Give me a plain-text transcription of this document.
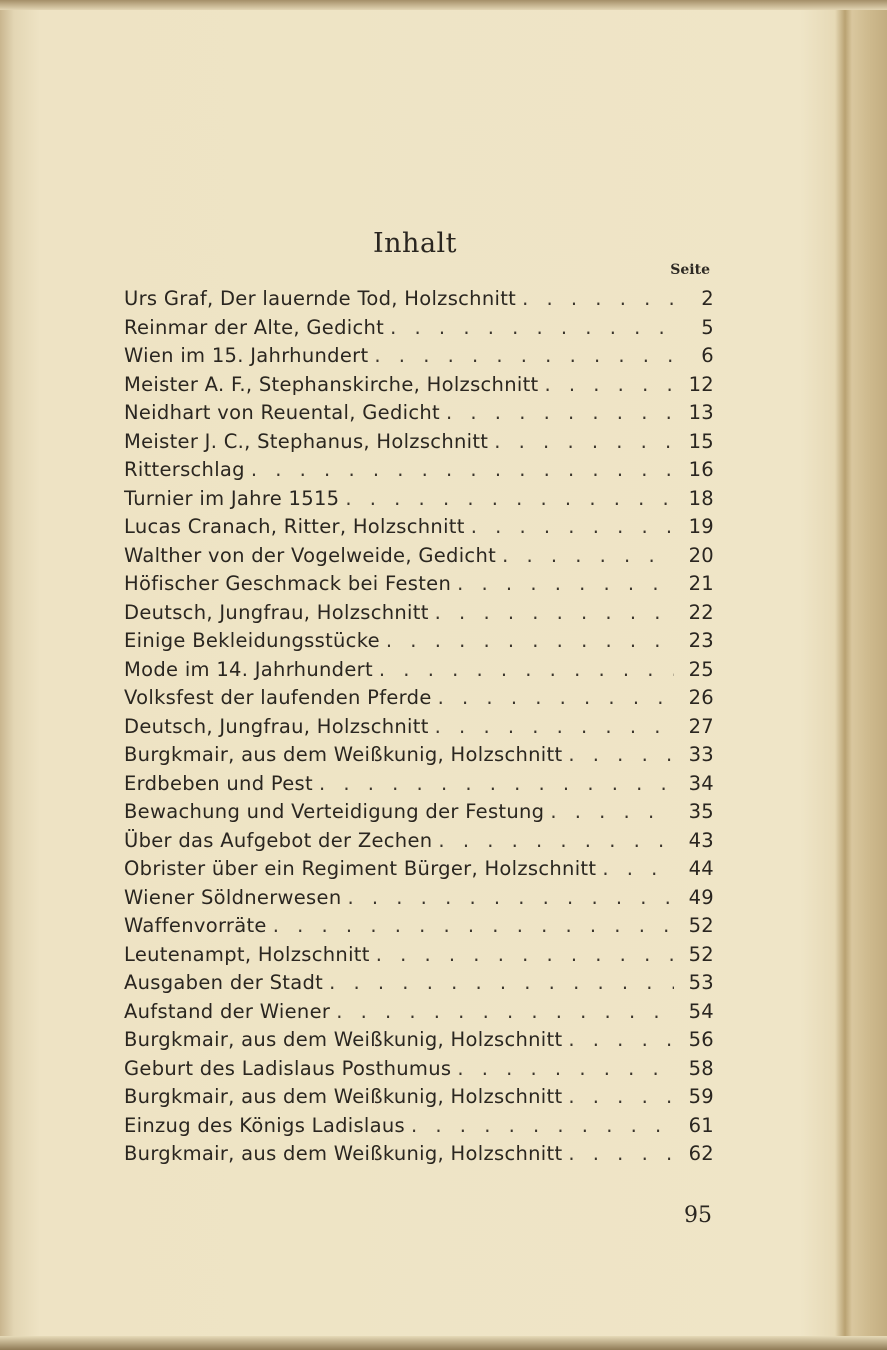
Inhalt
Seite
Urs Graf, Der lauernde Tod, Holzschnitt . . .	2
Reinmar der Alte, Gedicht . . .	5
Wien im 15. Jahrhundert . . .	6
Meister A. F., Stephanskirche, Holzschnitt . . .	12
Neidhart von Reuental, Gedicht . . .	13
Meister J. C., Stephanus, Holzschnitt . . .	15
Ritterschlag . . .	16
Turnier im Jahre 1515 . . .	18
Lucas Cranach, Ritter, Holzschnitt . . .	19
Walther von der Vogelweide, Gedicht . . .	20
Höfischer Geschmack bei Festen . . .	21
Deutsch, Jungfrau, Holzschnitt . . .	22
Einige Bekleidungsstücke . . .	23
Mode im 14. Jahrhundert . . .	25
Volksfest der laufenden Pferde . . .	26
Deutsch, Jungfrau, Holzschnitt . . .	27
Burgkmair, aus dem Weißkunig, Holzschnitt . . .	33
Erdbeben und Pest . . .	34
Bewachung und Verteidigung der Festung . . .	35
Über das Aufgebot der Zechen . . .	43
Obrister über ein Regiment Bürger, Holzschnitt . . .	44
Wiener Söldnerwesen . . .	49
Waffenvorräte . . .	52
Leutenampt, Holzschnitt . . .	52
Ausgaben der Stadt . . .	53
Aufstand der Wiener . . .	54
Burgkmair, aus dem Weißkunig, Holzschnitt . . .	56
Geburt des Ladislaus Posthumus . . .	58
Burgkmair, aus dem Weißkunig, Holzschnitt . . .	59
Einzug des Königs Ladislaus . . .	61
Burgkmair, aus dem Weißkunig, Holzschnitt . . .	62
95
